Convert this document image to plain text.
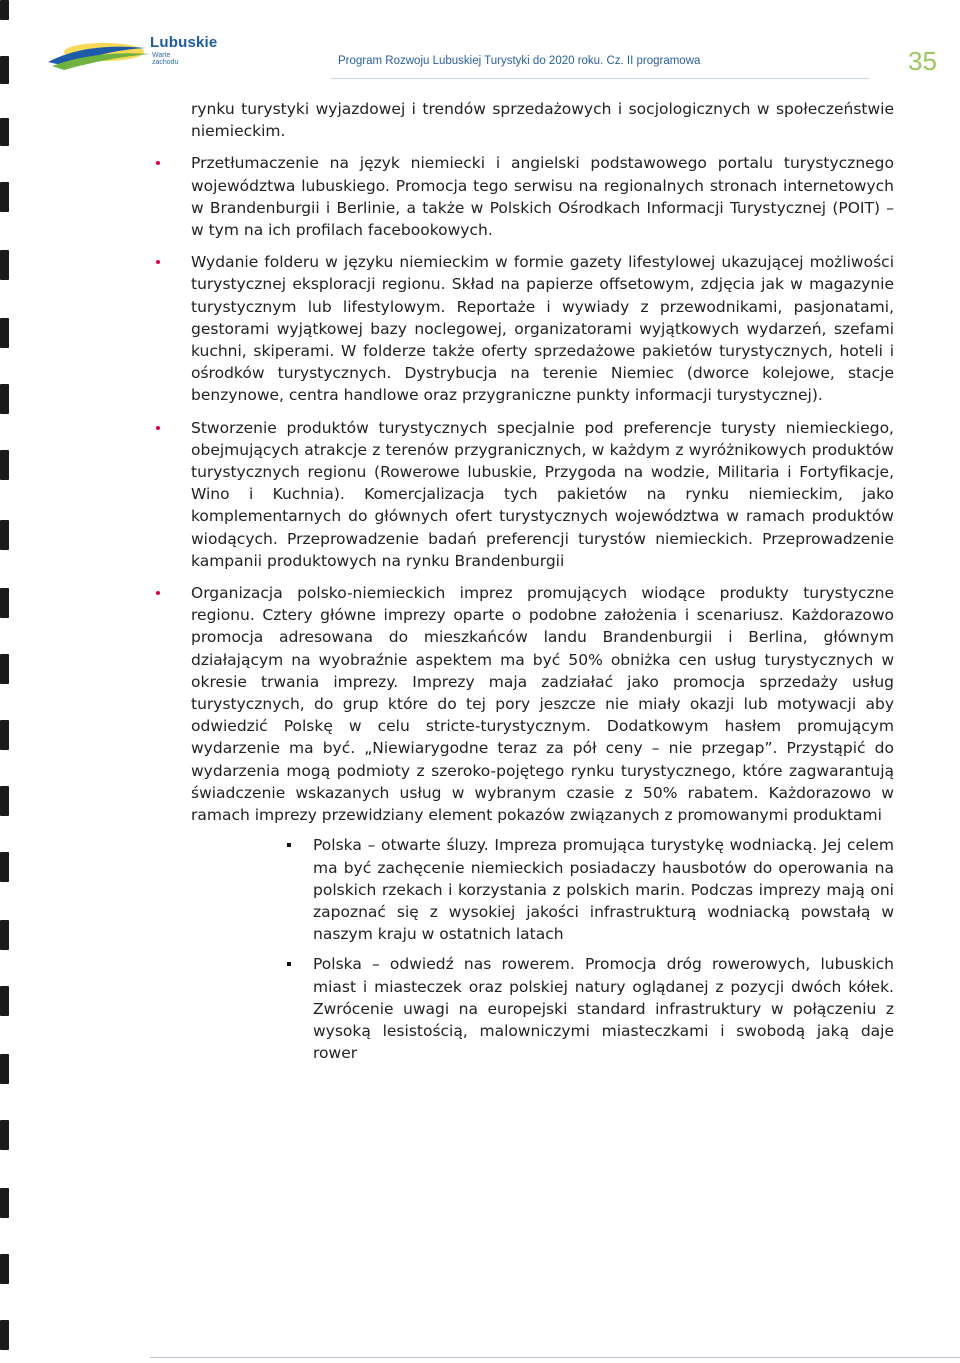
Lubuskie
Warte zachodu	Program Rozwoju Lubuskiej Turystyki do 2020 roku. Cz. II programowa	35

rynku turystyki wyjazdowej i trendów sprzedażowych i socjologicznych w społeczeństwie niemieckim.

Przetłumaczenie na język niemiecki i angielski podstawowego portalu turystycznego województwa lubuskiego. Promocja tego serwisu na regionalnych stronach internetowych w Brandenburgii i Berlinie, a także w Polskich Ośrodkach Informacji Turystycznej (POIT) – w tym na ich profilach facebookowych.

Wydanie folderu w języku niemieckim w formie gazety lifestylowej ukazującej możliwości turystycznej eksploracji regionu. Skład na papierze offsetowym, zdjęcia jak w magazynie turystycznym lub lifestylowym. Reportaże i wywiady z przewodnikami, pasjonatami, gestorami wyjątkowej bazy noclegowej, organizatorami wyjątkowych wydarzeń, szefami kuchni, skiperami. W folderze także oferty sprzedażowe pakietów turystycznych, hoteli i ośrodków turystycznych. Dystrybucja na terenie Niemiec (dworce kolejowe, stacje benzynowe, centra handlowe oraz przygraniczne punkty informacji turystycznej).

Stworzenie produktów turystycznych specjalnie pod preferencje turysty niemieckiego, obejmujących atrakcje z terenów przygranicznych, w każdym z wyróżnikowych produktów turystycznych regionu (Rowerowe lubuskie, Przygoda na wodzie, Militaria i Fortyfikacje, Wino i Kuchnia). Komercjalizacja tych pakietów na rynku niemieckim, jako komplementarnych do głównych ofert turystycznych województwa w ramach produktów wiodących. Przeprowadzenie badań preferencji turystów niemieckich. Przeprowadzenie kampanii produktowych na rynku Brandenburgii

Organizacja polsko-niemieckich imprez promujących wiodące produkty turystyczne regionu. Cztery główne imprezy oparte o podobne założenia i scenariusz. Każdorazowo promocja adresowana do mieszkańców landu Brandenburgii i Berlina, głównym działającym na wyobraźnie aspektem ma być 50% obniżka cen usług turystycznych w okresie trwania imprezy. Imprezy maja zadziałać jako promocja sprzedaży usług turystycznych, do grup które do tej pory jeszcze nie miały okazji lub motywacji aby odwiedzić Polskę w celu stricte-turystycznym. Dodatkowym hasłem promującym wydarzenie ma być. „Niewiarygodne teraz za pół ceny – nie przegap”. Przystąpić do wydarzenia mogą podmioty z szeroko-pojętego rynku turystycznego, które zagwarantują świadczenie wskazanych usług w wybranym czasie z 50% rabatem. Każdorazowo w ramach imprezy przewidziany element pokazów związanych z promowanymi produktami

Polska – otwarte śluzy. Impreza promująca turystykę wodniacką. Jej celem ma być zachęcenie niemieckich posiadaczy hausbotów do operowania na polskich rzekach i korzystania z polskich marin. Podczas imprezy mają oni zapoznać się z wysokiej jakości infrastrukturą wodniacką powstałą w naszym kraju w ostatnich latach

Polska – odwiedź nas rowerem. Promocja dróg rowerowych, lubuskich miast i miasteczek oraz polskiej natury oglądanej z pozycji dwóch kółek. Zwrócenie uwagi na europejski standard infrastruktury w połączeniu z wysoką lesistością, malowniczymi miasteczkami i swobodą jaką daje rower
